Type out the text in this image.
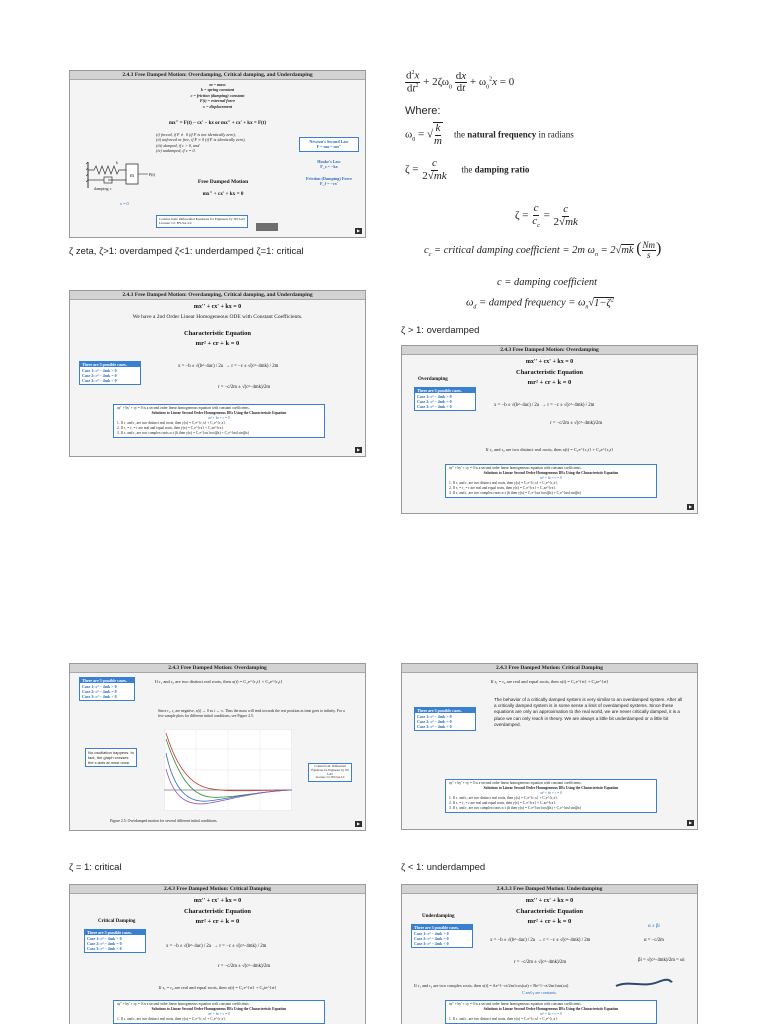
2.4.3 Free Damped Motion: Overdamping, Critical damping, and Underdamping
m = mass
k = spring constant
c = friction (damping) constant
F(t) = external force
x = displacement
mx'' = F(t) − cx' − kx or mx'' + cx' + kx = F(t)
(i) forced, if F ≢ 0 (if F is not identically zero),
(ii) unforced or free, if F ≡ 0 (if F is identically zero),
(iii) damped, if c > 0, and
(iv) undamped, if c = 0.
m	F(t)
k
damping c
x = 0
Free Damped Motion
mx'' + cx' + kx = 0
Newton's Second Law
F = ma = mx''
Hooke's Law
F_s = −kx
Friction (Damping) Force
F_f = −cx'
Content from: Differential Equations for Engineers by Jiří Lebl
License: CC BY-SA 4.0
▶
ζ zeta, ζ>1: overdamped ζ<1: underdamped ζ=1: critical
$\frac{d^2x}{dt^2} + 2\zeta\omega_0 \frac{dx}{dt} + \omega_0^2x = 0$
Where:
$\omega_0$ = √ $\frac{k}{m}$ the natural frequency in radians
$\zeta = \frac{c}{2√mk}$ the damping ratio
$\zeta = \frac{c}{c_c} = \frac{c}{2√mk}$
$c_c$ = critical damping coefficient = 2m $\omega_n = 2√mk$ ( $\frac{Nm}{s}$ )
c = damping coefficient
$\omega_d$ = damped frequency = $\omega_n√1-\zeta^2$
ζ > 1: overdamped
2.4.3 Free Damped Motion: Overdamping, Critical damping, and Underdamping
mx'' + cx' + kx = 0
We have a 2nd Order Linear Homogeneous ODE with Constant Coefficients.
Characteristic Equation
mr² + cr + k = 0
There are 3 possible cases.
Case 1: c² − 4mk > 0
Case 2: c² − 4mk = 0
Case 3: c² − 4mk < 0
x = −b ± √(b²−4ac) / 2a  → r = −c ± √(c²−4mk) / 2m
r = −c/2m ± √(c²−4mk)/2m
ay'' + by' + cy = 0 is a second order linear homogeneous equation with constant coefficients.
Solutions to Linear Second Order Homogeneous DEs Using the Characteristic Equation
ar² + br + c = 0
1. If r₁ and r₂ are two distinct real roots, then y(x) = C₁e^{r₁x} + C₂e^{r₂x}.
2. If r₁ = r₂ = r are real and equal roots, then y(x) = C₁e^{rx} + C₂xe^{rx}.
3. If r₁ and r₂ are two complex roots α ± βi then y(x) = C₁e^{αx}cos(βx) + C₂e^{αx}sin(βx)
▶
2.4.3 Free Damped Motion: Overdamping
mx'' + cx' + kx = 0
Characteristic Equation
mr² + cr + k = 0
Overdamping
There are 3 possible cases.
Case 1: c² − 4mk > 0
Case 2: c² − 4mk = 0
Case 3: c² − 4mk < 0	x = −b ± √(b²−4ac) / 2a  → r = −c ± √(c²−4mk) / 2m
r = −c/2m ± √(c²−4mk)/2m
If r₁ and r₂ are two distinct real roots, then x(t) = C₁e^{r₁t} + C₂e^{r₂t}
ay'' + by' + cy = 0 is a second order linear homogeneous equation with constant coefficients.
Solutions to Linear Second Order Homogeneous DEs Using the Characteristic Equation
ar² + br + c = 0
1. If r₁ and r₂ are two distinct real roots, then y(x) = C₁e^{r₁x} + C₂e^{r₂x}.
2. If r₁ = r₂ = r are real and equal roots, then y(x) = C₁e^{rx} + C₂xe^{rx}.
3. If r₁ and r₂ are two complex roots α ± βi then y(x) = C₁e^{αx}cos(βx) + C₂e^{αx}sin(βx)
▶
2.4.3 Free Damped Motion: Overdamping
There are 3 possible cases.
Case 1: c² − 4mk > 0
Case 2: c² − 4mk = 0
Case 3: c² − 4mk < 0
If r₁ and r₂ are two distinct real roots, then x(t) = C₁e^{r₁t} + C₂e^{r₂t}
Since r₁, r₂ are negative, x(t) → 0 as t → ∞. Thus the mass will tend towards the rest position as time goes to infinity. For a few sample plots for different initial conditions, see Figure 2.5.
No oscillation happens. In fact, the graph crosses the x-axis at most once.
Content from: Differential Equations for Engineers by Jiří Lebl
License: CC BY-SA 4.0
Figure 2.5: Overdamped motion for several different initial conditions.	▶
2.4.3 Free Damped Motion: Critical Damping
If r₁ = r₂ are real and equal roots, then x(t) = C₁e^{rt} + C₂te^{rt}
There are 3 possible cases.
Case 1: c² − 4mk > 0
Case 2: c² − 4mk = 0
Case 3: c² − 4mk < 0
The behavior of a critically damped system is very similar to an overdamped system. After all a critically damped system is in some sense a limit of overdamped systems. Since these equations are only an approximation to the real world, we are never critically damped, it is a place we can only reach in theory. We are always a little bit underdamped or a little bit overdamped.
ay'' + by' + cy = 0 is a second order linear homogeneous equation with constant coefficients.
Solutions to Linear Second Order Homogeneous DEs Using the Characteristic Equation
ar² + br + c = 0
1. If r₁ and r₂ are two distinct real roots, then y(x) = C₁e^{r₁x} + C₂e^{r₂x}.
2. If r₁ = r₂ = r are real and equal roots, then y(x) = C₁e^{rx} + C₂xe^{rx}.
3. If r₁ and r₂ are two complex roots α ± βi then y(x) = C₁e^{αx}cos(βx) + C₂e^{αx}sin(βx)
▶
ζ = 1: critical	ζ < 1: underdamped
2.4.3 Free Damped Motion: Critical Damping
mx'' + cx' + kx = 0
Characteristic Equation
mr² + cr + k = 0
Critical Damping
There are 3 possible cases.
Case 1: c² − 4mk > 0
Case 2: c² − 4mk = 0
Case 3: c² − 4mk < 0	x = −b ± √(b²−4ac) / 2a  → r = −c ± √(c²−4mk) / 2m
r = −c/2m ± √(c²−4mk)/2m
If r₁ = r₂ are real and equal roots, then x(t) = C₁e^{rt} + C₂te^{rt}
ay'' + by' + cy = 0 is a second order linear homogeneous equation with constant coefficients.
Solutions to Linear Second Order Homogeneous DEs Using the Characteristic Equation
ar² + br + c = 0
1. If r₁ and r₂ are two distinct real roots, then y(x) = C₁e^{r₁x} + C₂e^{r₂x}.
2.4.3.3 Free Damped Motion: Underdamping
mx'' + cx' + kx = 0
Characteristic Equation
mr² + cr + k = 0
Underdamping
There are 3 possible cases.
Case 1: c² − 4mk > 0
Case 2: c² − 4mk = 0
Case 3: c² − 4mk < 0
x = −b ± √(b²−4ac) / 2a  → r = −c ± √(c²−4mk) / 2m
r = −c/2m ± √(c²−4mk)/2m
α ± βi
α = −c/2m
βi = √(c²−4mk)/2m = ωi
If r₁ and r₂ are two complex roots, then x(t) = Ae^{−ct/2m}cos(ωt) + Be^{−ct/2m}sin(ωt)
C and γ are constants.
ay'' + by' + cy = 0 is a second order linear homogeneous equation with constant coefficients.
Solutions to Linear Second Order Homogeneous DEs Using the Characteristic Equation
ar² + br + c = 0
1. If r₁ and r₂ are two distinct real roots, then y(x) = C₁e^{r₁x} + C₂e^{r₂x}.
